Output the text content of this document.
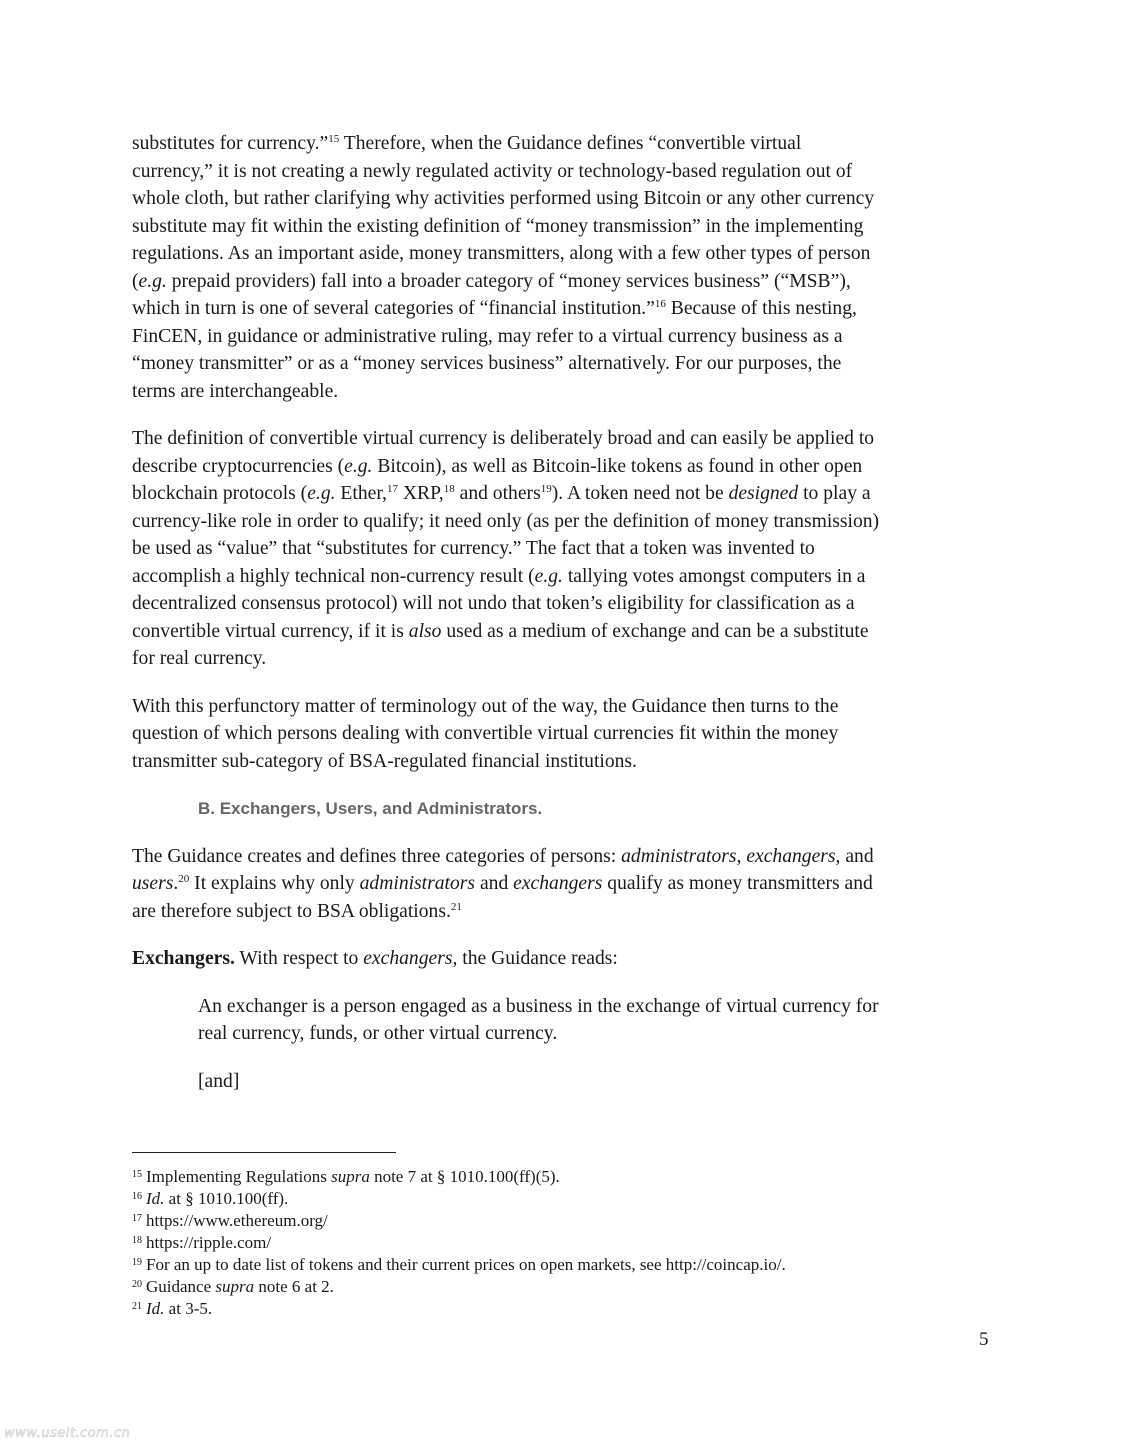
substitutes for currency.”$^{15}$ Therefore, when the Guidance defines “convertible virtual
currency,” it is not creating a newly regulated activity or technology-based regulation out of
whole cloth, but rather clarifying why activities performed using Bitcoin or any other currency
substitute may fit within the existing definition of “money transmission” in the implementing
regulations. As an important aside, money transmitters, along with a few other types of person
(e.g. prepaid providers) fall into a broader category of “money services business” (“MSB”),
which in turn is one of several categories of “financial institution.”$^{16}$ Because of this nesting,
FinCEN, in guidance or administrative ruling, may refer to a virtual currency business as a
“money transmitter” or as a “money services business” alternatively. For our purposes, the
terms are interchangeable.
The definition of convertible virtual currency is deliberately broad and can easily be applied to
describe cryptocurrencies (e.g. Bitcoin), as well as Bitcoin-like tokens as found in other open
blockchain protocols (e.g. Ether,$^{17}$ XRP,$^{18}$ and others$^{19}$). A token need not be designed to play a
currency-like role in order to qualify; it need only (as per the definition of money transmission)
be used as “value” that “substitutes for currency.” The fact that a token was invented to
accomplish a highly technical non-currency result (e.g. tallying votes amongst computers in a
decentralized consensus protocol) will not undo that token’s eligibility for classification as a
convertible virtual currency, if it is also used as a medium of exchange and can be a substitute
for real currency.
With this perfunctory matter of terminology out of the way, the Guidance then turns to the
question of which persons dealing with convertible virtual currencies fit within the money
transmitter sub-category of BSA-regulated financial institutions.
B. Exchangers, Users, and Administrators.
The Guidance creates and defines three categories of persons: administrators, exchangers, and
users.$^{20}$ It explains why only administrators and exchangers qualify as money transmitters and
are therefore subject to BSA obligations.$^{21}$
Exchangers. With respect to exchangers, the Guidance reads:
An exchanger is a person engaged as a business in the exchange of virtual currency for
real currency, funds, or other virtual currency.
[and]
$^{15}$ Implementing Regulations supra note 7 at § 1010.100(ff)(5).
$^{16}$ Id. at § 1010.100(ff).
$^{17}$ https://www.ethereum.org/
$^{18}$ https://ripple.com/
$^{19}$ For an up to date list of tokens and their current prices on open markets, see http://coincap.io/.
$^{20}$ Guidance supra note 6 at 2.
$^{21}$ Id. at 3-5.
5
www.uselt.com.cn
